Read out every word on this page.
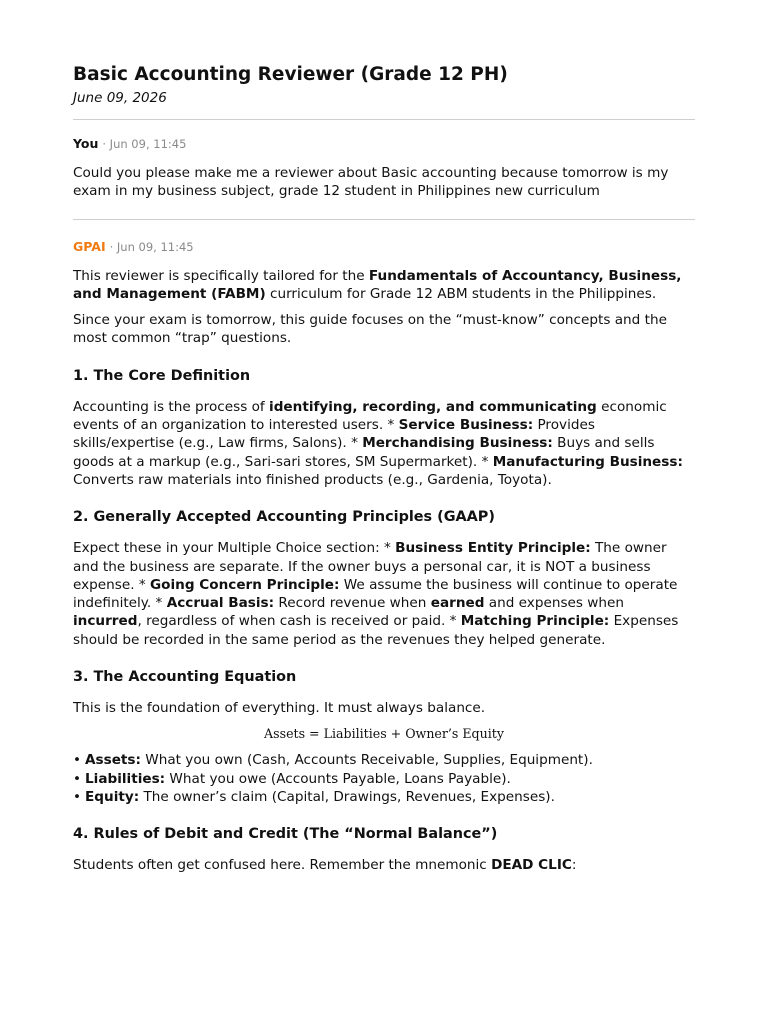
Basic Accounting Reviewer (Grade 12 PH)
June 09, 2026
You · Jun 09, 11:45

Could you please make me a reviewer about Basic accounting because tomorrow is my exam in my business subject, grade 12 student in Philippines new curriculum

GPAI · Jun 09, 11:45

This reviewer is specifically tailored for the Fundamentals of Accountancy, Business, and Management (FABM) curriculum for Grade 12 ABM students in the Philippines.

Since your exam is tomorrow, this guide focuses on the “must-know” concepts and the most common “trap” questions.

1. The Core Definition

Accounting is the process of identifying, recording, and communicating economic events of an organization to interested users. * Service Business: Provides skills/expertise (e.g., Law firms, Salons). * Merchandising Business: Buys and sells goods at a markup (e.g., Sari-sari stores, SM Supermarket). * Manufacturing Business: Converts raw materials into finished products (e.g., Gardenia, Toyota).

2. Generally Accepted Accounting Principles (GAAP)

Expect these in your Multiple Choice section: * Business Entity Principle: The owner and the business are separate. If the owner buys a personal car, it is NOT a business expense. * Going Concern Principle: We assume the business will continue to operate indefinitely. * Accrual Basis: Record revenue when earned and expenses when incurred, regardless of when cash is received or paid. * Matching Principle: Expenses should be recorded in the same period as the revenues they helped generate.

3. The Accounting Equation

This is the foundation of everything. It must always balance.

Assets = Liabilities + Owner’s Equity
• Assets: What you own (Cash, Accounts Receivable, Supplies, Equipment).
• Liabilities: What you owe (Accounts Payable, Loans Payable).
• Equity: The owner’s claim (Capital, Drawings, Revenues, Expenses).
4. Rules of Debit and Credit (The “Normal Balance”)

Students often get confused here. Remember the mnemonic DEAD CLIC:
